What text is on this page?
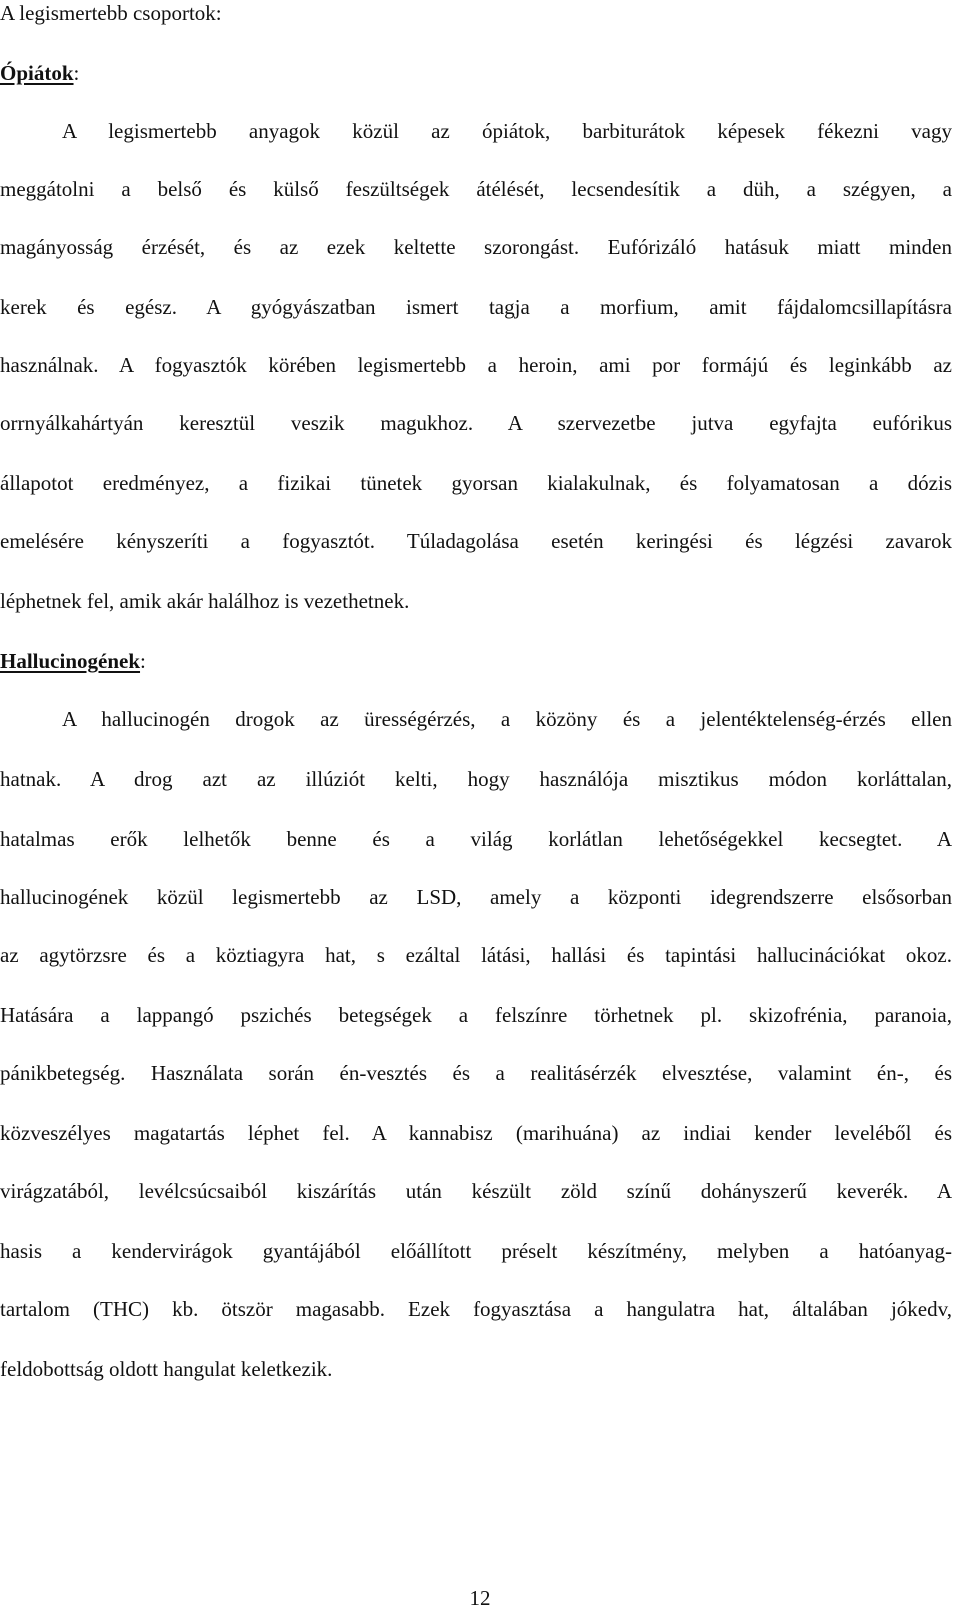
A legismertebb csoportok:

Ópiátok:

A legismertebb anyagok közül az ópiátok, barbiturátok képesek fékezni vagy

meggátolni a belső és külső feszültségek átélését, lecsendesítik a düh, a szégyen, a

magányosság érzését, és az ezek keltette szorongást. Eufórizáló hatásuk miatt minden

kerek és egész. A gyógyászatban ismert tagja a morfium, amit fájdalomcsillapításra

használnak. A fogyasztók körében legismertebb a heroin, ami por formájú és leginkább az

orrnyálkahártyán keresztül veszik magukhoz. A szervezetbe jutva egyfajta eufórikus

állapotot eredményez, a fizikai tünetek gyorsan kialakulnak, és folyamatosan a dózis

emelésére kényszeríti a fogyasztót. Túladagolása esetén keringési és légzési zavarok

léphetnek fel, amik akár halálhoz is vezethetnek.

Hallucinogének:

A hallucinogén drogok az ürességérzés, a közöny és a jelentéktelenség-érzés ellen

hatnak. A drog azt az illúziót kelti, hogy használója misztikus módon korláttalan,

hatalmas erők lelhetők benne és a világ korlátlan lehetőségekkel kecsegtet. A

hallucinogének közül legismertebb az LSD, amely a központi idegrendszerre elsősorban

az agytörzsre és a köztiagyra hat, s ezáltal látási, hallási és tapintási hallucinációkat okoz.

Hatására a lappangó pszichés betegségek a felszínre törhetnek pl. skizofrénia, paranoia,

pánikbetegség. Használata során én-vesztés és a realitásérzék elvesztése, valamint én-, és

közveszélyes magatartás léphet fel. A kannabisz (marihuána) az indiai kender leveléből és

virágzatából, levélcsúcsaiból kiszárítás után készült zöld színű dohányszerű keverék. A

hasis a kendervirágok gyantájából előállított préselt készítmény, melyben a hatóanyag-

tartalom (THC) kb. ötször magasabb. Ezek fogyasztása a hangulatra hat, általában jókedv,

feldobottság oldott hangulat keletkezik.

12
